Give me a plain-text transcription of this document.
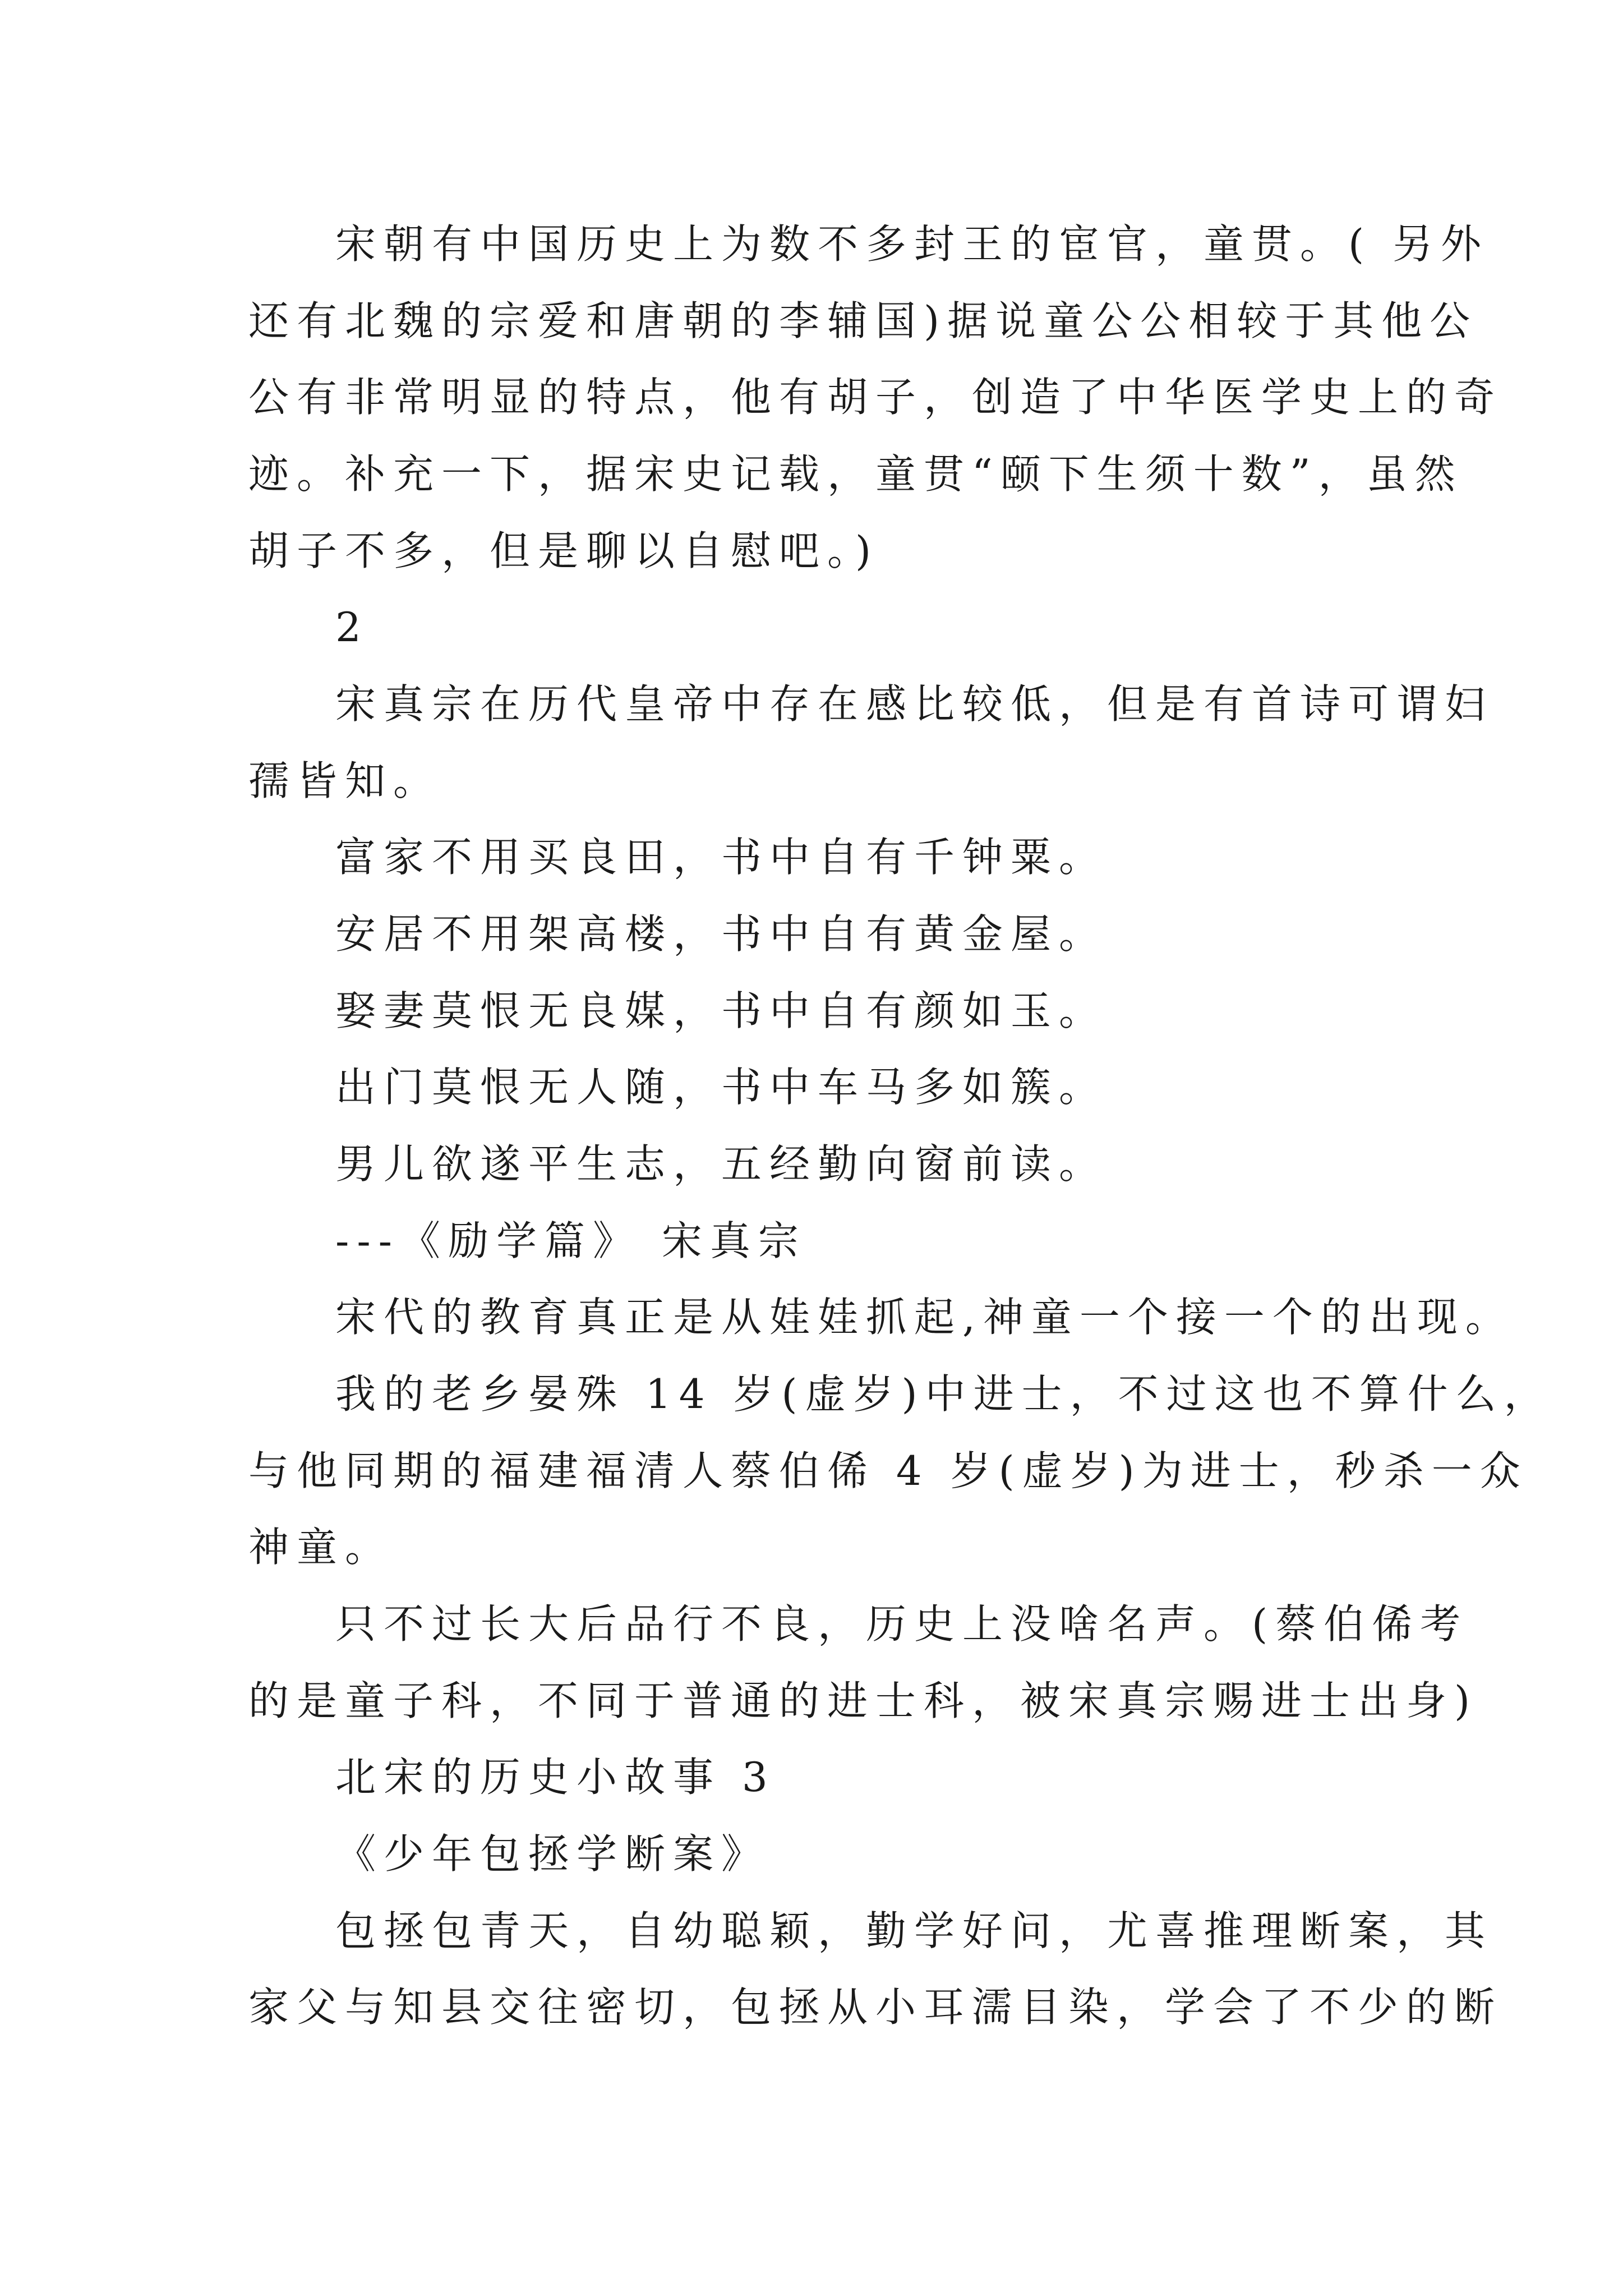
宋朝有中国历史上为数不多封王的宦官，童贯。( 另外
还有北魏的宗爱和唐朝的李辅国)据说童公公相较于其他公
公有非常明显的特点，他有胡子，创造了中华医学史上的奇
迹。补充一下，据宋史记载，童贯“颐下生须十数”，虽然
胡子不多，但是聊以自慰吧。)
2
宋真宗在历代皇帝中存在感比较低，但是有首诗可谓妇
孺皆知。
富家不用买良田，书中自有千钟粟。
安居不用架高楼，书中自有黄金屋。
娶妻莫恨无良媒，书中自有颜如玉。
出门莫恨无人随，书中车马多如簇。
男儿欲遂平生志，五经勤向窗前读。
---《励学篇》 宋真宗
宋代的教育真正是从娃娃抓起,神童一个接一个的出现。
我的老乡晏殊 14 岁(虚岁)中进士，不过这也不算什么，
与他同期的福建福清人蔡伯俙 4 岁(虚岁)为进士，秒杀一众
神童。
只不过长大后品行不良，历史上没啥名声。(蔡伯俙考
的是童子科，不同于普通的进士科，被宋真宗赐进士出身)
北宋的历史小故事 3
《少年包拯学断案》
包拯包青天，自幼聪颖，勤学好问，尤喜推理断案，其
家父与知县交往密切，包拯从小耳濡目染，学会了不少的断
